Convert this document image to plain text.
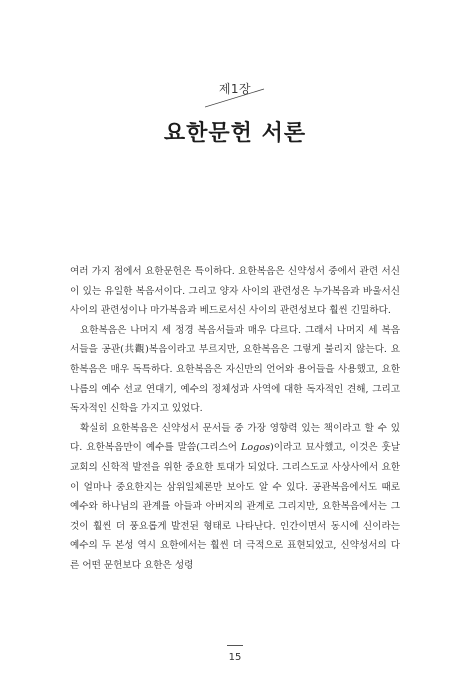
제1장
요한문헌 서론

여러 가지 점에서 요한문헌은 특이하다. 요한복음은 신약성서 중에서 관련 서신이 있는 유일한 복음서이다. 그리고 양자 사이의 관련성은 누가복음과 바울서신 사이의 관련성이나 마가복음과 베드로서신 사이의 관련성보다 훨씬 긴밀하다.

요한복음은 나머지 세 정경 복음서들과 매우 다르다. 그래서 나머지 세 복음서들을 공관(共觀)복음이라고 부르지만, 요한복음은 그렇게 불리지 않는다. 요한복음은 매우 독특하다. 요한복음은 자신만의 언어와 용어들을 사용했고, 요한 나름의 예수 선교 연대기, 예수의 정체성과 사역에 대한 독자적인 견해, 그리고 독자적인 신학을 가지고 있었다.

확실히 요한복음은 신약성서 문서들 중 가장 영향력 있는 책이라고 할 수 있다. 요한복음만이 예수를 말씀(그리스어 Logos)이라고 묘사했고, 이것은 훗날 교회의 신학적 발전을 위한 중요한 토대가 되었다. 그리스도교 사상사에서 요한이 얼마나 중요한지는 삼위일체론만 보아도 알 수 있다. 공관복음에서도 때로 예수와 하나님의 관계를 아들과 아버지의 관계로 그리지만, 요한복음에서는 그것이 훨씬 더 풍요롭게 발전된 형태로 나타난다. 인간이면서 동시에 신이라는 예수의 두 본성 역시 요한에서는 훨씬 더 극적으로 표현되었고, 신약성서의 다른 어떤 문헌보다 요한은 성령

15
